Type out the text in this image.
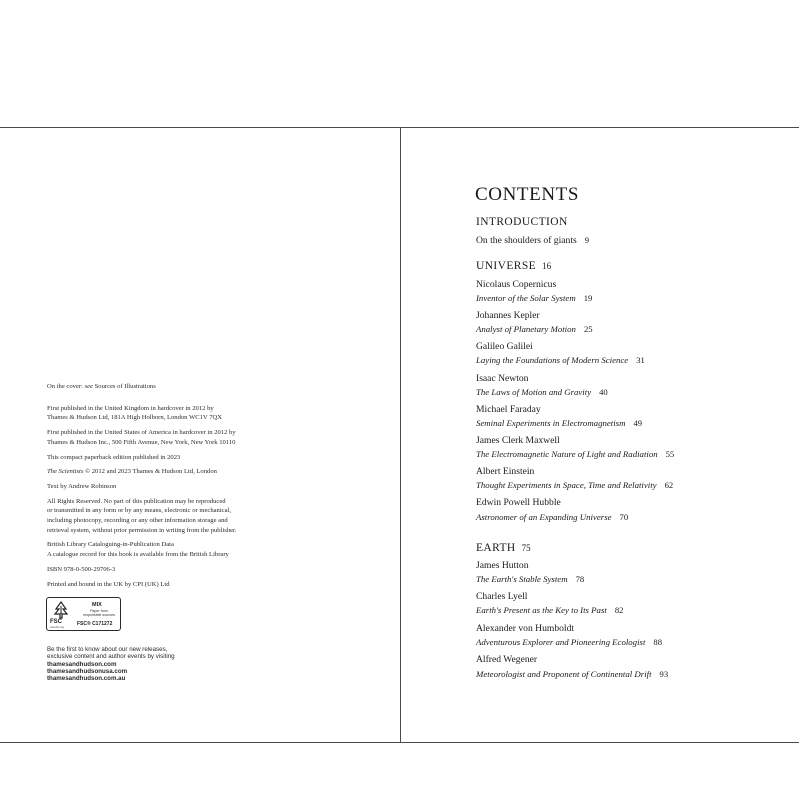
On the cover: see Sources of Illustrations
First published in the United Kingdom in hardcover in 2012 by
Thames & Hudson Ltd, 181A High Holborn, London WC1V 7QX
First published in the United States of America in hardcover in 2012 by
Thames & Hudson Inc., 500 Fifth Avenue, New York, New York 10110
This compact paperback edition published in 2023
The Scientists © 2012 and 2023 Thames & Hudson Ltd, London
Text by Andrew Robinson
All Rights Reserved. No part of this publication may be reproduced
or transmitted in any form or by any means, electronic or mechanical,
including photocopy, recording or any other information storage and
retrieval system, without prior permission in writing from the publisher.
British Library Cataloguing-in-Publication Data
A catalogue record for this book is available from the British Library
ISBN 978-0-500-29706-3
Printed and bound in the UK by CPI (UK) Ltd
FSC
www.fsc.org
MIX
Paper from
responsible sources
FSC® C171272
Be the first to know about our new releases,
exclusive content and author events by visiting
thamesandhudson.com
thamesandhudsonusa.com
thamesandhudson.com.au
CONTENTS
INTRODUCTION
On the shoulders of giants 9
UNIVERSE 16
Nicolaus Copernicus
Inventor of the Solar System 19
Johannes Kepler
Analyst of Planetary Motion 25
Galileo Galilei
Laying the Foundations of Modern Science 31
Isaac Newton
The Laws of Motion and Gravity 40
Michael Faraday
Seminal Experiments in Electromagnetism 49
James Clerk Maxwell
The Electromagnetic Nature of Light and Radiation 55
Albert Einstein
Thought Experiments in Space, Time and Relativity 62
Edwin Powell Hubble
Astronomer of an Expanding Universe 70
EARTH 75
James Hutton
The Earth's Stable System 78
Charles Lyell
Earth's Present as the Key to Its Past 82
Alexander von Humboldt
Adventurous Explorer and Pioneering Ecologist 88
Alfred Wegener
Meteorologist and Proponent of Continental Drift 93
